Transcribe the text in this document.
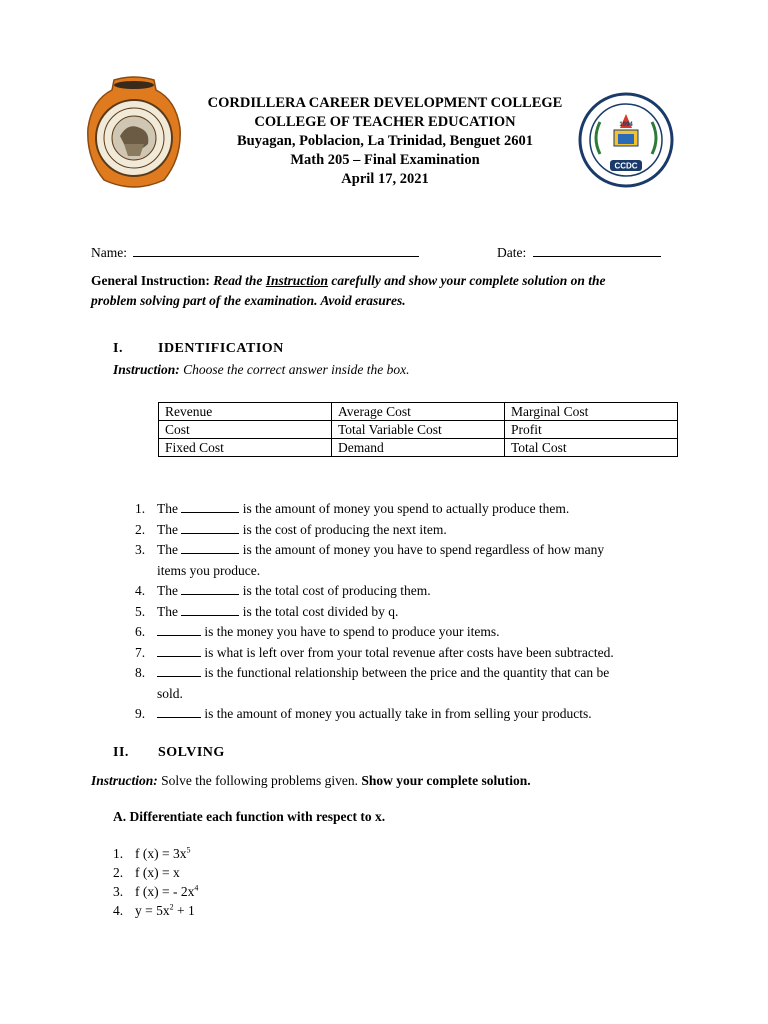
CCDC
1994
CORDILLERA CAREER DEVELOPMENT COLLEGE
COLLEGE OF TEACHER EDUCATION
Buyagan, Poblacion, La Trinidad, Benguet 2601
Math 205 – Final Examination
April 17, 2021
Name:	Date:
General Instruction: Read the Instruction carefully and show your complete solution on the
problem solving part of the examination. Avoid erasures.
I.	IDENTIFICATION
Instruction: Choose the correct answer inside the box.
Revenue	Average Cost	Marginal Cost
Cost	Total Variable Cost	Profit
Fixed Cost	Demand	Total Cost
1. The	is the amount of money you spend to actually produce them.
2. The	is the cost of producing the next item.
3. The	is the amount of money you have to spend regardless of how many
items you produce.
4. The	is the total cost of producing them.
5. The	is the total cost divided by q.
6.	is the money you have to spend to produce your items.
7.	is what is left over from your total revenue after costs have been subtracted.
8.	is the functional relationship between the price and the quantity that can be
sold.
9.	is the amount of money you actually take in from selling your products.
II. SOLVING
Instruction: Solve the following problems given. Show your complete solution.
A. Differentiate each function with respect to x.
1. f $(x) = 3x^5$
2. f (x) = x
3. f (x) = - $2x^4$
4. $y = 5x^2 + 1$
